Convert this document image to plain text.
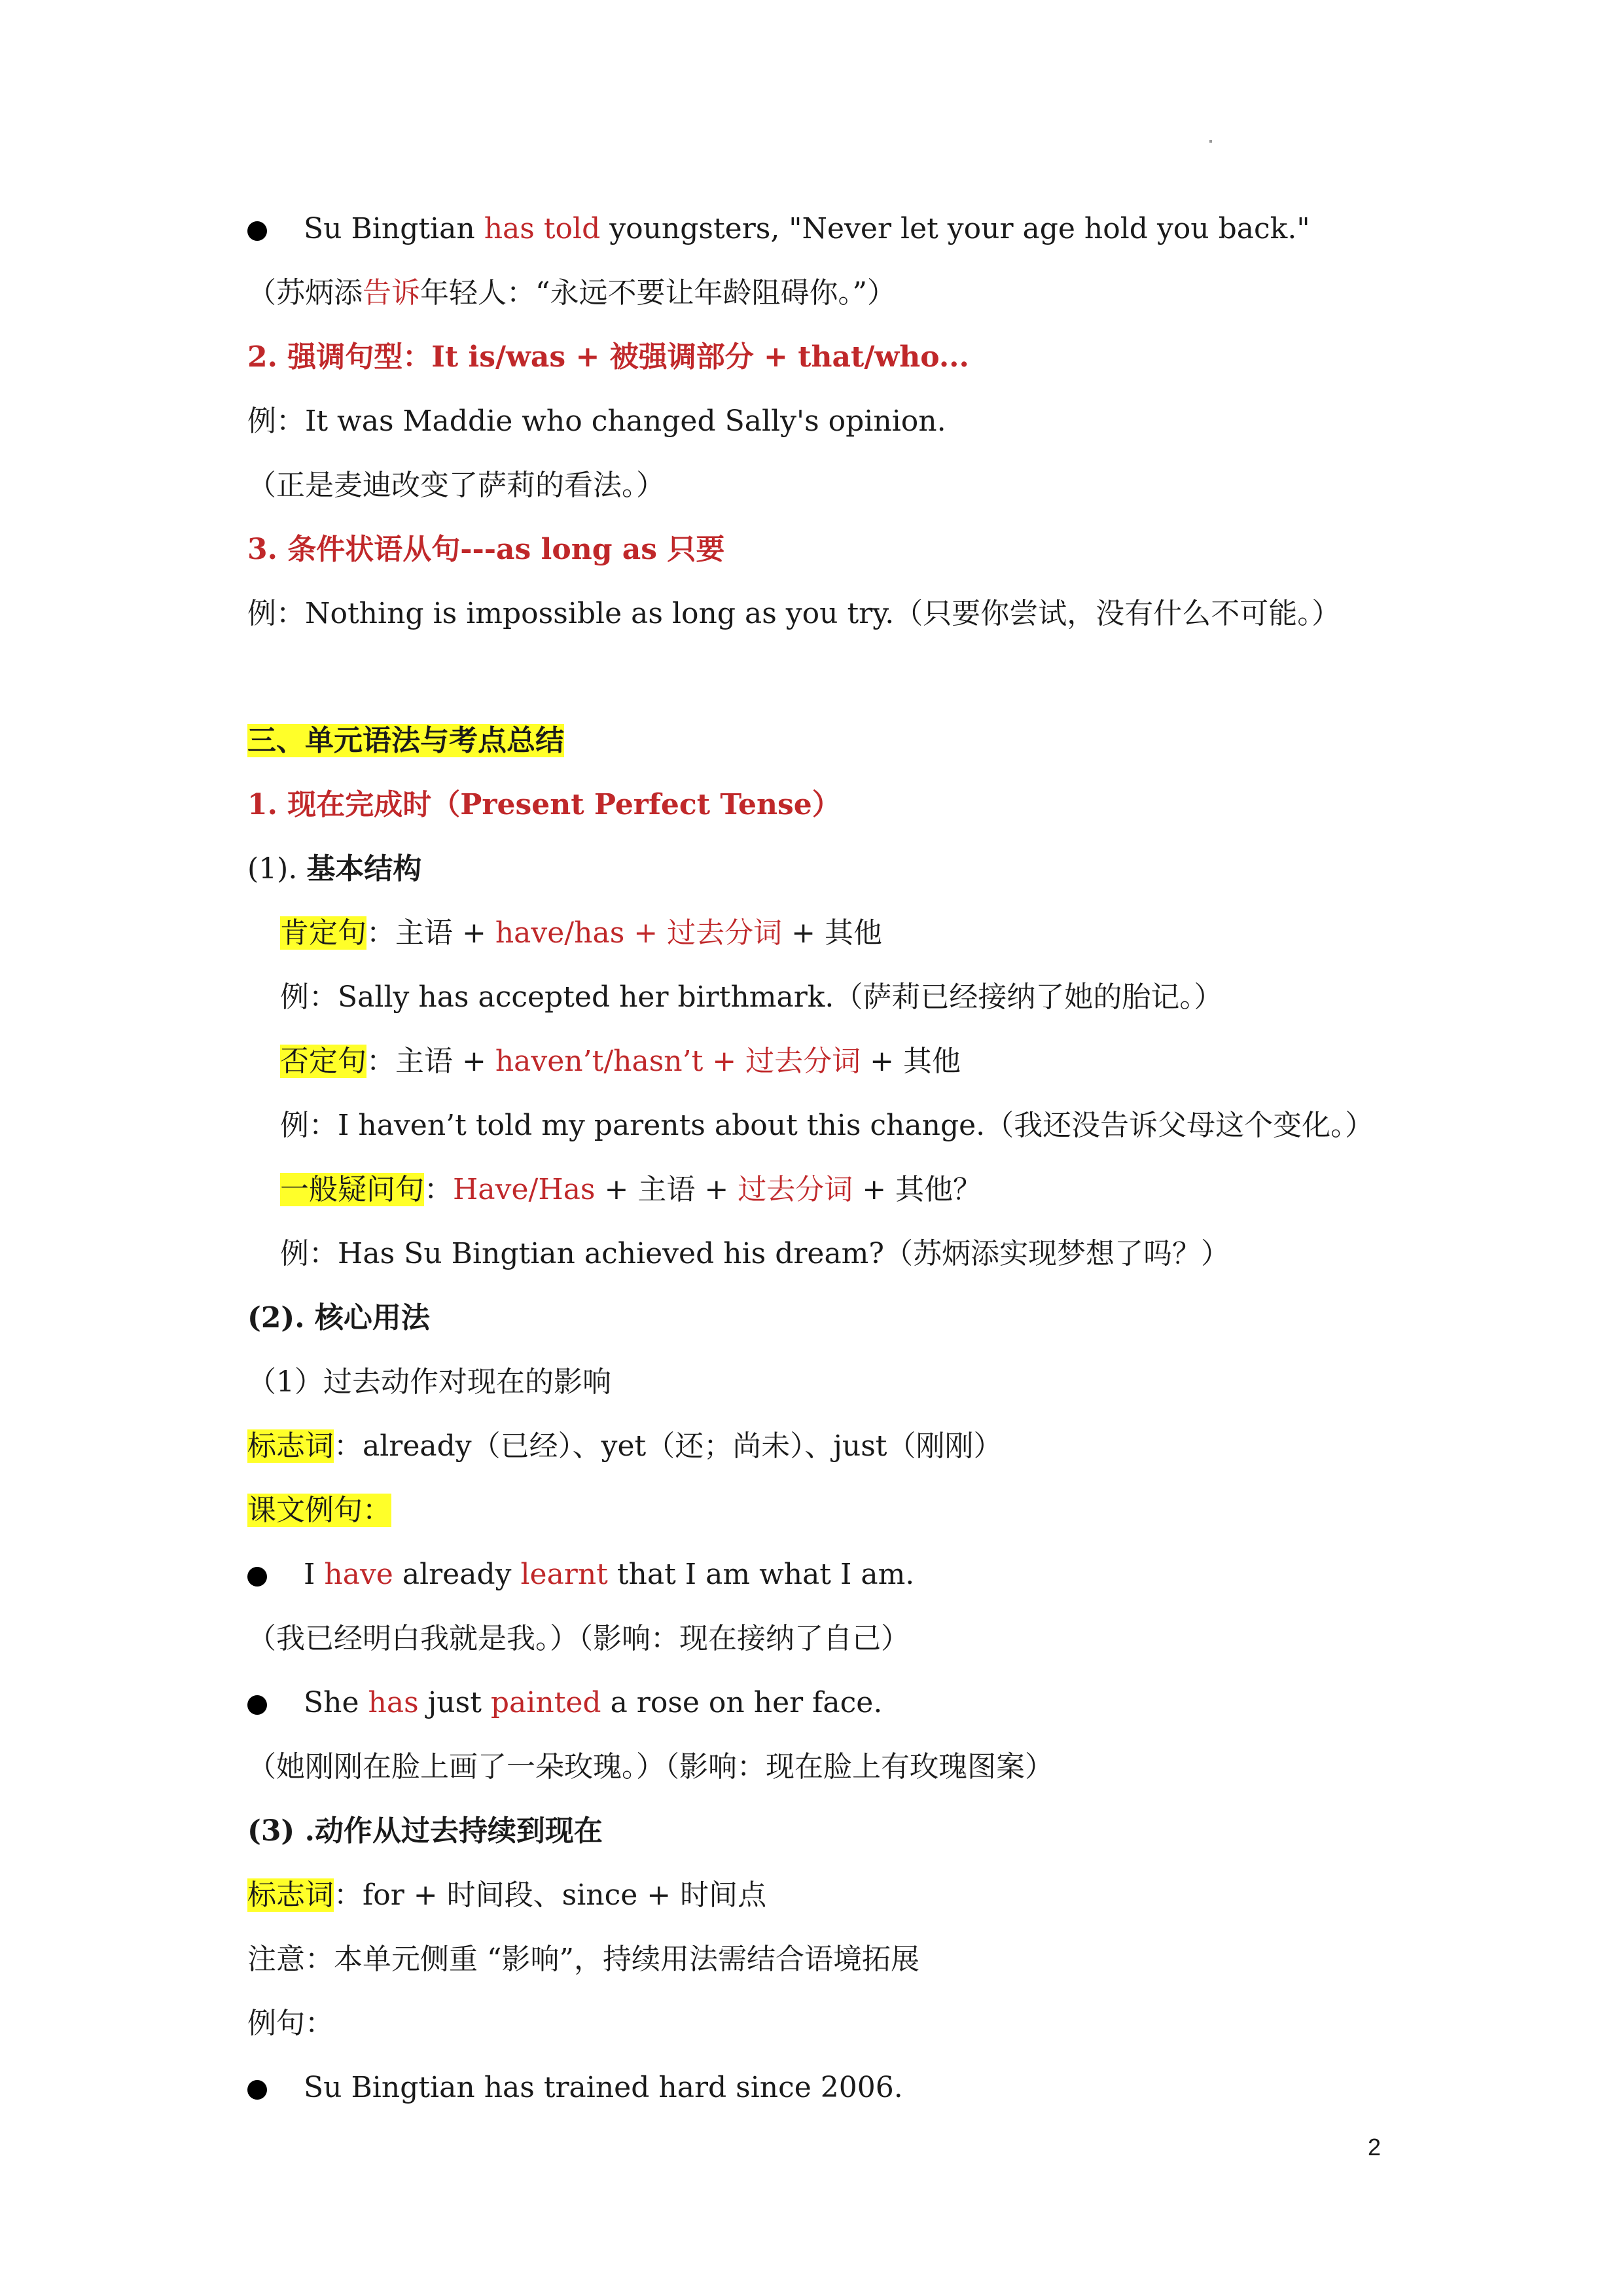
Su Bingtian has told youngsters, "Never let your age hold you back."
（苏炳添告诉年轻人：“永远不要让年龄阻碍你。”）
2. 强调句型：It is/was + 被强调部分 + that/who...
例：It was Maddie who changed Sally's opinion.
（正是麦迪改变了萨莉的看法。）
3. 条件状语从句---as long as 只要
例：Nothing is impossible as long as you try.（只要你尝试，没有什么不可能。）
三、单元语法与考点总结
1. 现在完成时（Present Perfect Tense）
(1). 基本结构
肯定句：主语 + have/has + 过去分词 + 其他
例：Sally has accepted her birthmark.（萨莉已经接纳了她的胎记。）
否定句：主语 + haven’t/hasn’t + 过去分词 + 其他
例：I haven’t told my parents about this change.（我还没告诉父母这个变化。）
一般疑问句：Have/Has + 主语 + 过去分词 + 其他？
例：Has Su Bingtian achieved his dream?（苏炳添实现梦想了吗？）
(2). 核心用法
（1）过去动作对现在的影响
标志词：already（已经）、yet（还；尚未）、just（刚刚）
课文例句：
I have already learnt that I am what I am.
（我已经明白我就是我。）（影响：现在接纳了自己）
She has just painted a rose on her face.
（她刚刚在脸上画了一朵玫瑰。）（影响：现在脸上有玫瑰图案）
(3) .动作从过去持续到现在
标志词：for + 时间段、since + 时间点
注意：本单元侧重 “影响”，持续用法需结合语境拓展
例句：
Su Bingtian has trained hard since 2006.
2
